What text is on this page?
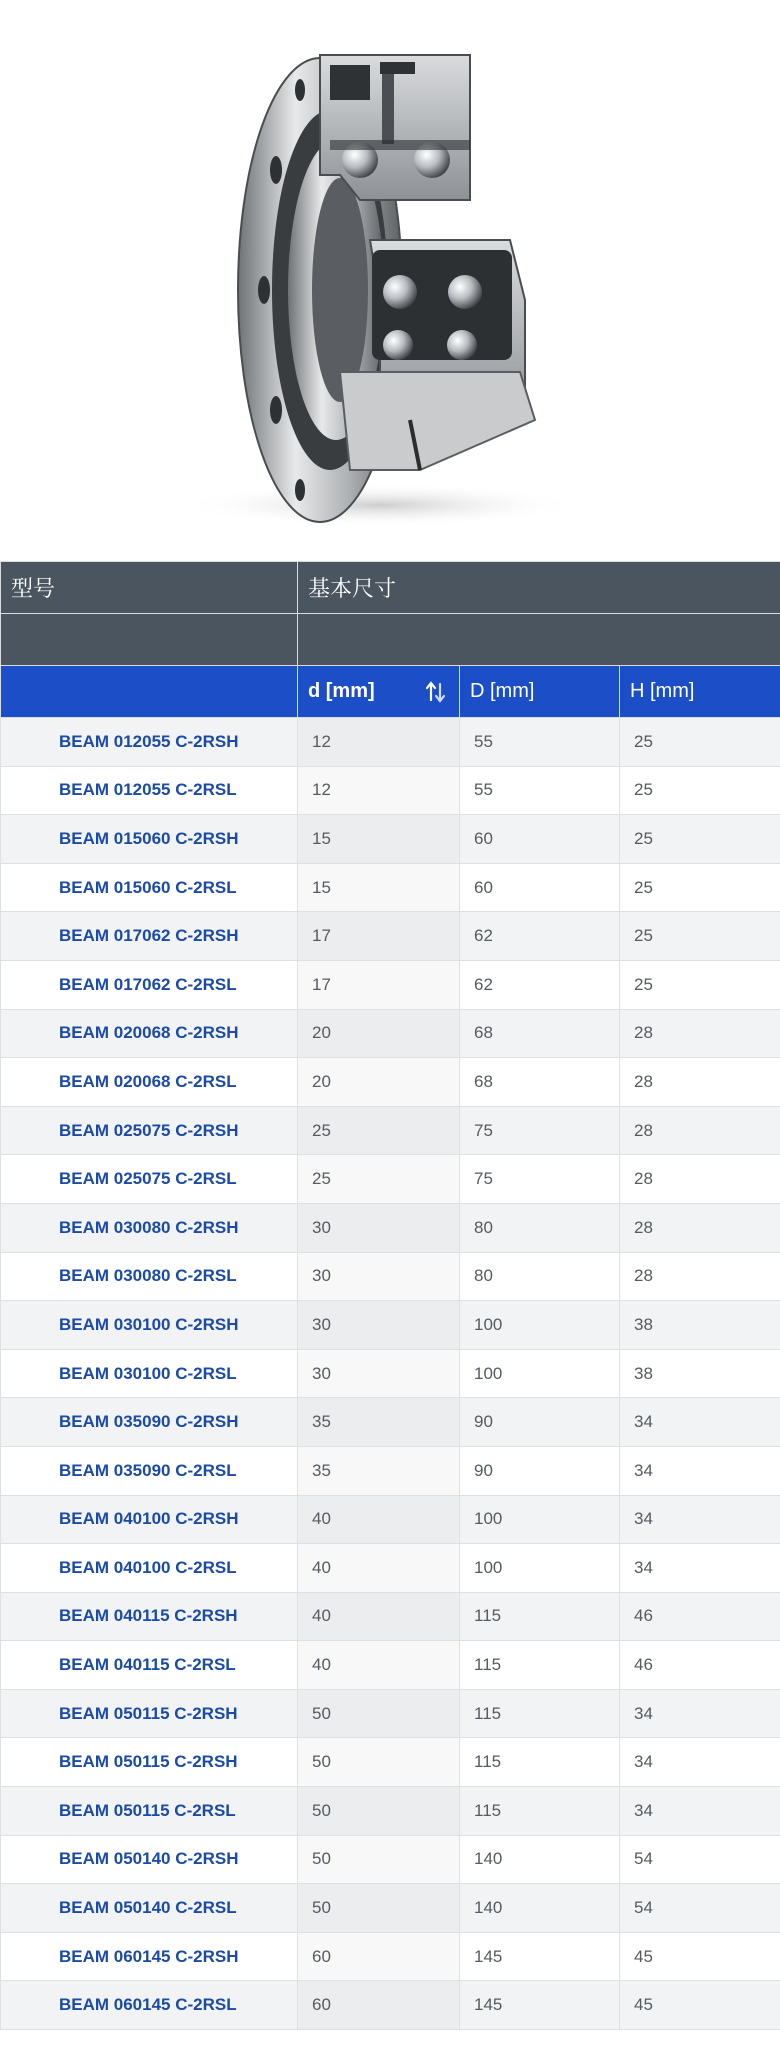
型号	基本尺寸		

	d [mm]	D [mm]	H [mm]
BEAM 012055 C-2RSH	12	55	25
BEAM 012055 C-2RSL	12	55	25
BEAM 015060 C-2RSH	15	60	25
BEAM 015060 C-2RSL	15	60	25
BEAM 017062 C-2RSH	17	62	25
BEAM 017062 C-2RSL	17	62	25
BEAM 020068 C-2RSH	20	68	28
BEAM 020068 C-2RSL	20	68	28
BEAM 025075 C-2RSH	25	75	28
BEAM 025075 C-2RSL	25	75	28
BEAM 030080 C-2RSH	30	80	28
BEAM 030080 C-2RSL	30	80	28
BEAM 030100 C-2RSH	30	100	38
BEAM 030100 C-2RSL	30	100	38
BEAM 035090 C-2RSH	35	90	34
BEAM 035090 C-2RSL	35	90	34
BEAM 040100 C-2RSH	40	100	34
BEAM 040100 C-2RSL	40	100	34
BEAM 040115 C-2RSH	40	115	46
BEAM 040115 C-2RSL	40	115	46
BEAM 050115 C-2RSH	50	115	34
BEAM 050115 C-2RSH	50	115	34
BEAM 050115 C-2RSL	50	115	34
BEAM 050140 C-2RSH	50	140	54
BEAM 050140 C-2RSL	50	140	54
BEAM 060145 C-2RSH	60	145	45
BEAM 060145 C-2RSL	60	145	45
